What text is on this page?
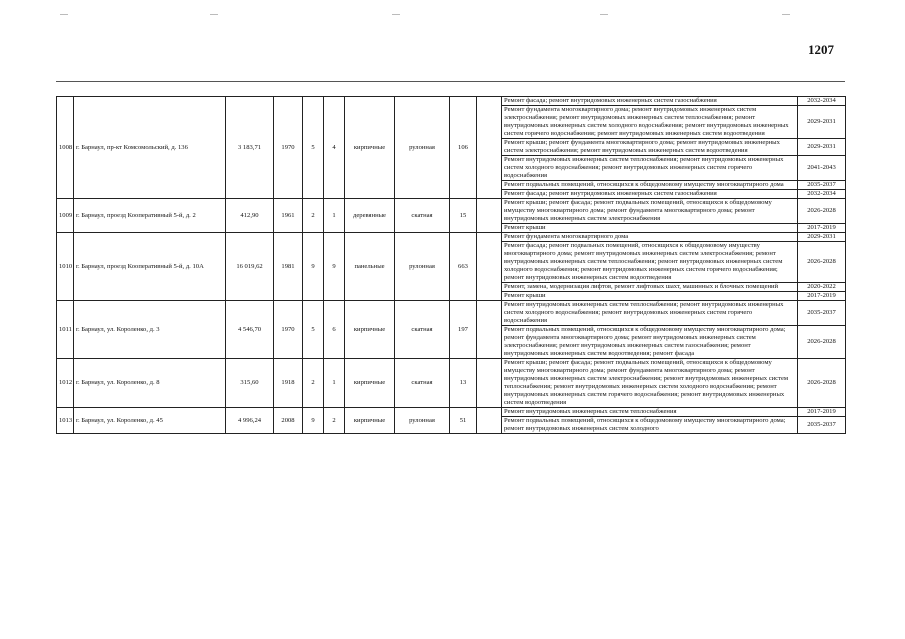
1207
1008	г. Барнаул, пр-кт Комсомольский, д. 136	3 183,71	1970	5	4	кирпичные	рулонная	106		Ремонт фасада; ремонт внутридомовых инженерных систем газоснабжения	2032-2034
										Ремонт фундамента многоквартирного дома; ремонт внутридомовых инженерных систем электроснабжения; ремонт внутридомовых инженерных систем теплоснабжения; ремонт внутридомовых инженерных систем холодного водоснабжения; ремонт внутридомовых инженерных систем горячего водоснабжения; ремонт внутридомовых инженерных систем водоотведения	2029-2031
										Ремонт крыши; ремонт фундамента многоквартирного дома; ремонт внутридомовых инженерных систем электроснабжения; ремонт внутридомовых инженерных систем водоотведения	2029-2031
										Ремонт внутридомовых инженерных систем теплоснабжения; ремонт внутридомовых инженерных систем холодного водоснабжения; ремонт внутридомовых инженерных систем горячего водоснабжения	2041-2043
										Ремонт подвальных помещений, относящихся к общедомовому имуществу многоквартирного дома	2035-2037
										Ремонт фасада; ремонт внутридомовых инженерных систем газоснабжения	2032-2034
1009	г. Барнаул, проезд Кооперативный 5-й, д. 2	412,90	1961	2	1	деревянные	скатная	15		Ремонт крыши; ремонт фасада; ремонт подвальных помещений, относящихся к общедомовому имуществу многоквартирного дома; ремонт фундамента многоквартирного дома; ремонт внутридомовых инженерных систем электроснабжения	2026-2028
										Ремонт крыши	2017-2019
1010	г. Барнаул, проезд Кооперативный 5-й, д. 10А	16 019,62	1981	9	9	панельные	рулонная	663		Ремонт фундамента многоквартирного дома	2029-2031
										Ремонт фасада; ремонт подвальных помещений, относящихся к общедомовому имуществу многоквартирного дома; ремонт внутридомовых инженерных систем электроснабжения; ремонт внутридомовых инженерных систем теплоснабжения; ремонт внутридомовых инженерных систем холодного водоснабжения; ремонт внутридомовых инженерных систем горячего водоснабжения; ремонт внутридомовых инженерных систем водоотведения	2026-2028
										Ремонт, замена, модернизация лифтов, ремонт лифтовых шахт, машинных и блочных помещений	2020-2022
										Ремонт крыши	2017-2019
1011	г. Барнаул, ул. Короленко, д. 3	4 546,70	1970	5	6	кирпичные	скатная	197		Ремонт внутридомовых инженерных систем теплоснабжения; ремонт внутридомовых инженерных систем холодного водоснабжения; ремонт внутридомовых инженерных систем горячего водоснабжения	2035-2037
										Ремонт подвальных помещений, относящихся к общедомовому имуществу многоквартирного дома; ремонт фундамента многоквартирного дома; ремонт внутридомовых инженерных систем электроснабжения; ремонт внутридомовых инженерных систем газоснабжения; ремонт внутридомовых инженерных систем водоотведения; ремонт фасада	2026-2028
1012	г. Барнаул, ул. Короленко, д. 8	315,60	1918	2	1	кирпичные	скатная	13		Ремонт крыши; ремонт фасада; ремонт подвальных помещений, относящихся к общедомовому имуществу многоквартирного дома; ремонт фундамента многоквартирного дома; ремонт внутридомовых инженерных систем электроснабжения; ремонт внутридомовых инженерных систем теплоснабжения; ремонт внутридомовых инженерных систем холодного водоснабжения; ремонт внутридомовых инженерных систем горячего водоснабжения; ремонт внутридомовых инженерных систем водоотведения	2026-2028
1013	г. Барнаул, ул. Короленко, д. 45	4 996,24	2008	9	2	кирпичные	рулонная	51		Ремонт внутридомовых инженерных систем теплоснабжения	2017-2019
										Ремонт подвальных помещений, относящихся к общедомовому имуществу многоквартирного дома; ремонт внутридомовых инженерных систем холодного	2035-2037
